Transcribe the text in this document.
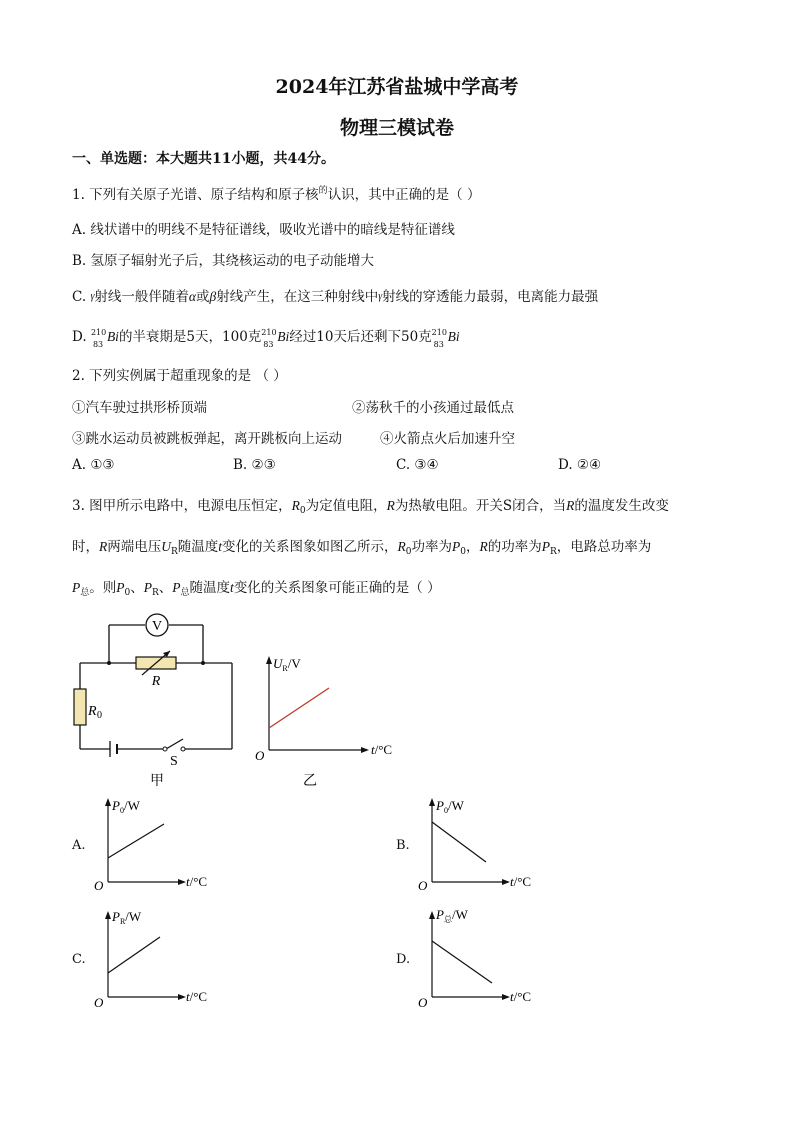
2024年江苏省盐城中学高考
物理三模试卷
一、单选题：本大题共11小题，共44分。
1. 下列有关原子光谱、原子结构和原子核$^的$认识，其中正确的是（ ）
A. 线状谱中的明线不是特征谱线，吸收光谱中的暗线是特征谱线
B. 氢原子辐射光子后，其绕核运动的电子动能增大
C. γ射线一般伴随着α或β射线产生，在这三种射线中γ射线的穿透能力最弱，电离能力最强
D. 210
83 Bi的半衰期是5天，100克 210
83 Bi经过10天后还剩下50克 210
83 Bi
2. 下列实例属于超重现象的是 （ ）
①汽车驶过拱形桥顶端	②荡秋千的小孩通过最低点
③跳水运动员被跳板弹起，离开跳板向上运动	④火箭点火后加速升空
A. ①③	B. ②③	C. ③④	D. ②④
3. 图甲所示电路中，电源电压恒定，$R_0$为定值电阻，R为热敏电阻。开关S闭合，当R的温度发生改变
时，R两端电压$U_R$随温度t变化的关系图象如图乙所示，$R_0$功率为$P_0$，R的功率为$P_R$，电路总功率为
$P_总$。则$P_0$、$P_R$、$P_总$随温度t变化的关系图象可能正确的是（ ）
V
R
R 0
S
甲
$U_R/V$
t/°C
O
乙
A.
$P_0/W$
t/°C
O
B.
$P_0/W$
t/°C
O
C.
$P_R/W$
t/°C
O
D.
$P_总/W$
t/°C
O
